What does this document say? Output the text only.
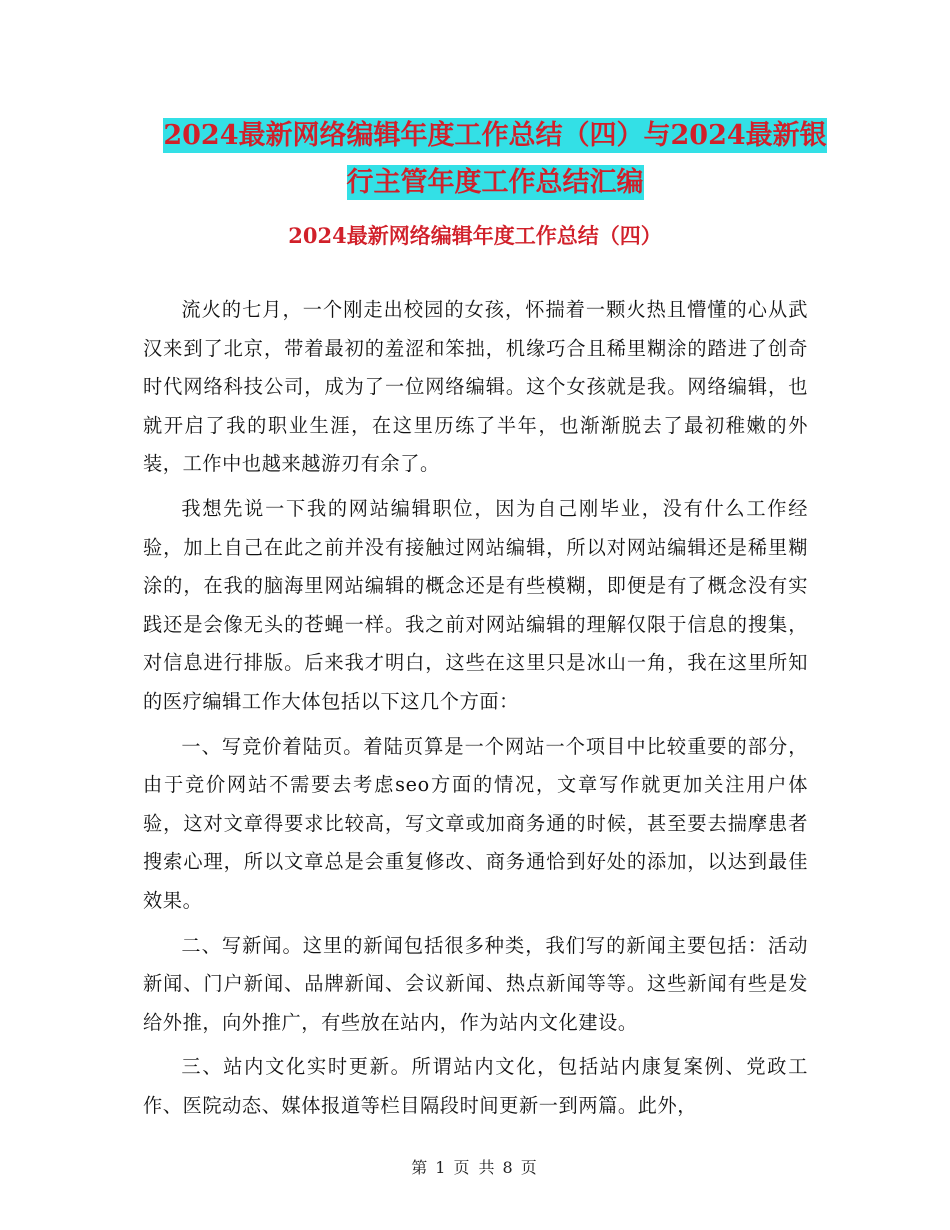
2024最新网络编辑年度工作总结（四）与2024最新银
行主管年度工作总结汇编
2024最新网络编辑年度工作总结（四）

流火的七月，一个刚走出校园的女孩，怀揣着一颗火热且懵懂的心从武汉来到了北京，带着最初的羞涩和笨拙，机缘巧合且稀里糊涂的踏进了创奇时代网络科技公司，成为了一位网络编辑。这个女孩就是我。网络编辑，也就开启了我的职业生涯，在这里历练了半年，也渐渐脱去了最初稚嫩的外装，工作中也越来越游刃有余了。

我想先说一下我的网站编辑职位，因为自己刚毕业，没有什么工作经验，加上自己在此之前并没有接触过网站编辑，所以对网站编辑还是稀里糊涂的，在我的脑海里网站编辑的概念还是有些模糊，即便是有了概念没有实践还是会像无头的苍蝇一样。我之前对网站编辑的理解仅限于信息的搜集，对信息进行排版。后来我才明白，这些在这里只是冰山一角，我在这里所知的医疗编辑工作大体包括以下这几个方面：

一、写竞价着陆页。着陆页算是一个网站一个项目中比较重要的部分，由于竞价网站不需要去考虑seo方面的情况，文章写作就更加关注用户体验，这对文章得要求比较高，写文章或加商务通的时候，甚至要去揣摩患者搜索心理，所以文章总是会重复修改、商务通恰到好处的添加，以达到最佳效果。

二、写新闻。这里的新闻包括很多种类，我们写的新闻主要包括：活动新闻、门户新闻、品牌新闻、会议新闻、热点新闻等等。这些新闻有些是发给外推，向外推广，有些放在站内，作为站内文化建设。

三、站内文化实时更新。所谓站内文化，包括站内康复案例、党政工作、医院动态、媒体报道等栏目隔段时间更新一到两篇。此外，

第 1 页 共 8 页
